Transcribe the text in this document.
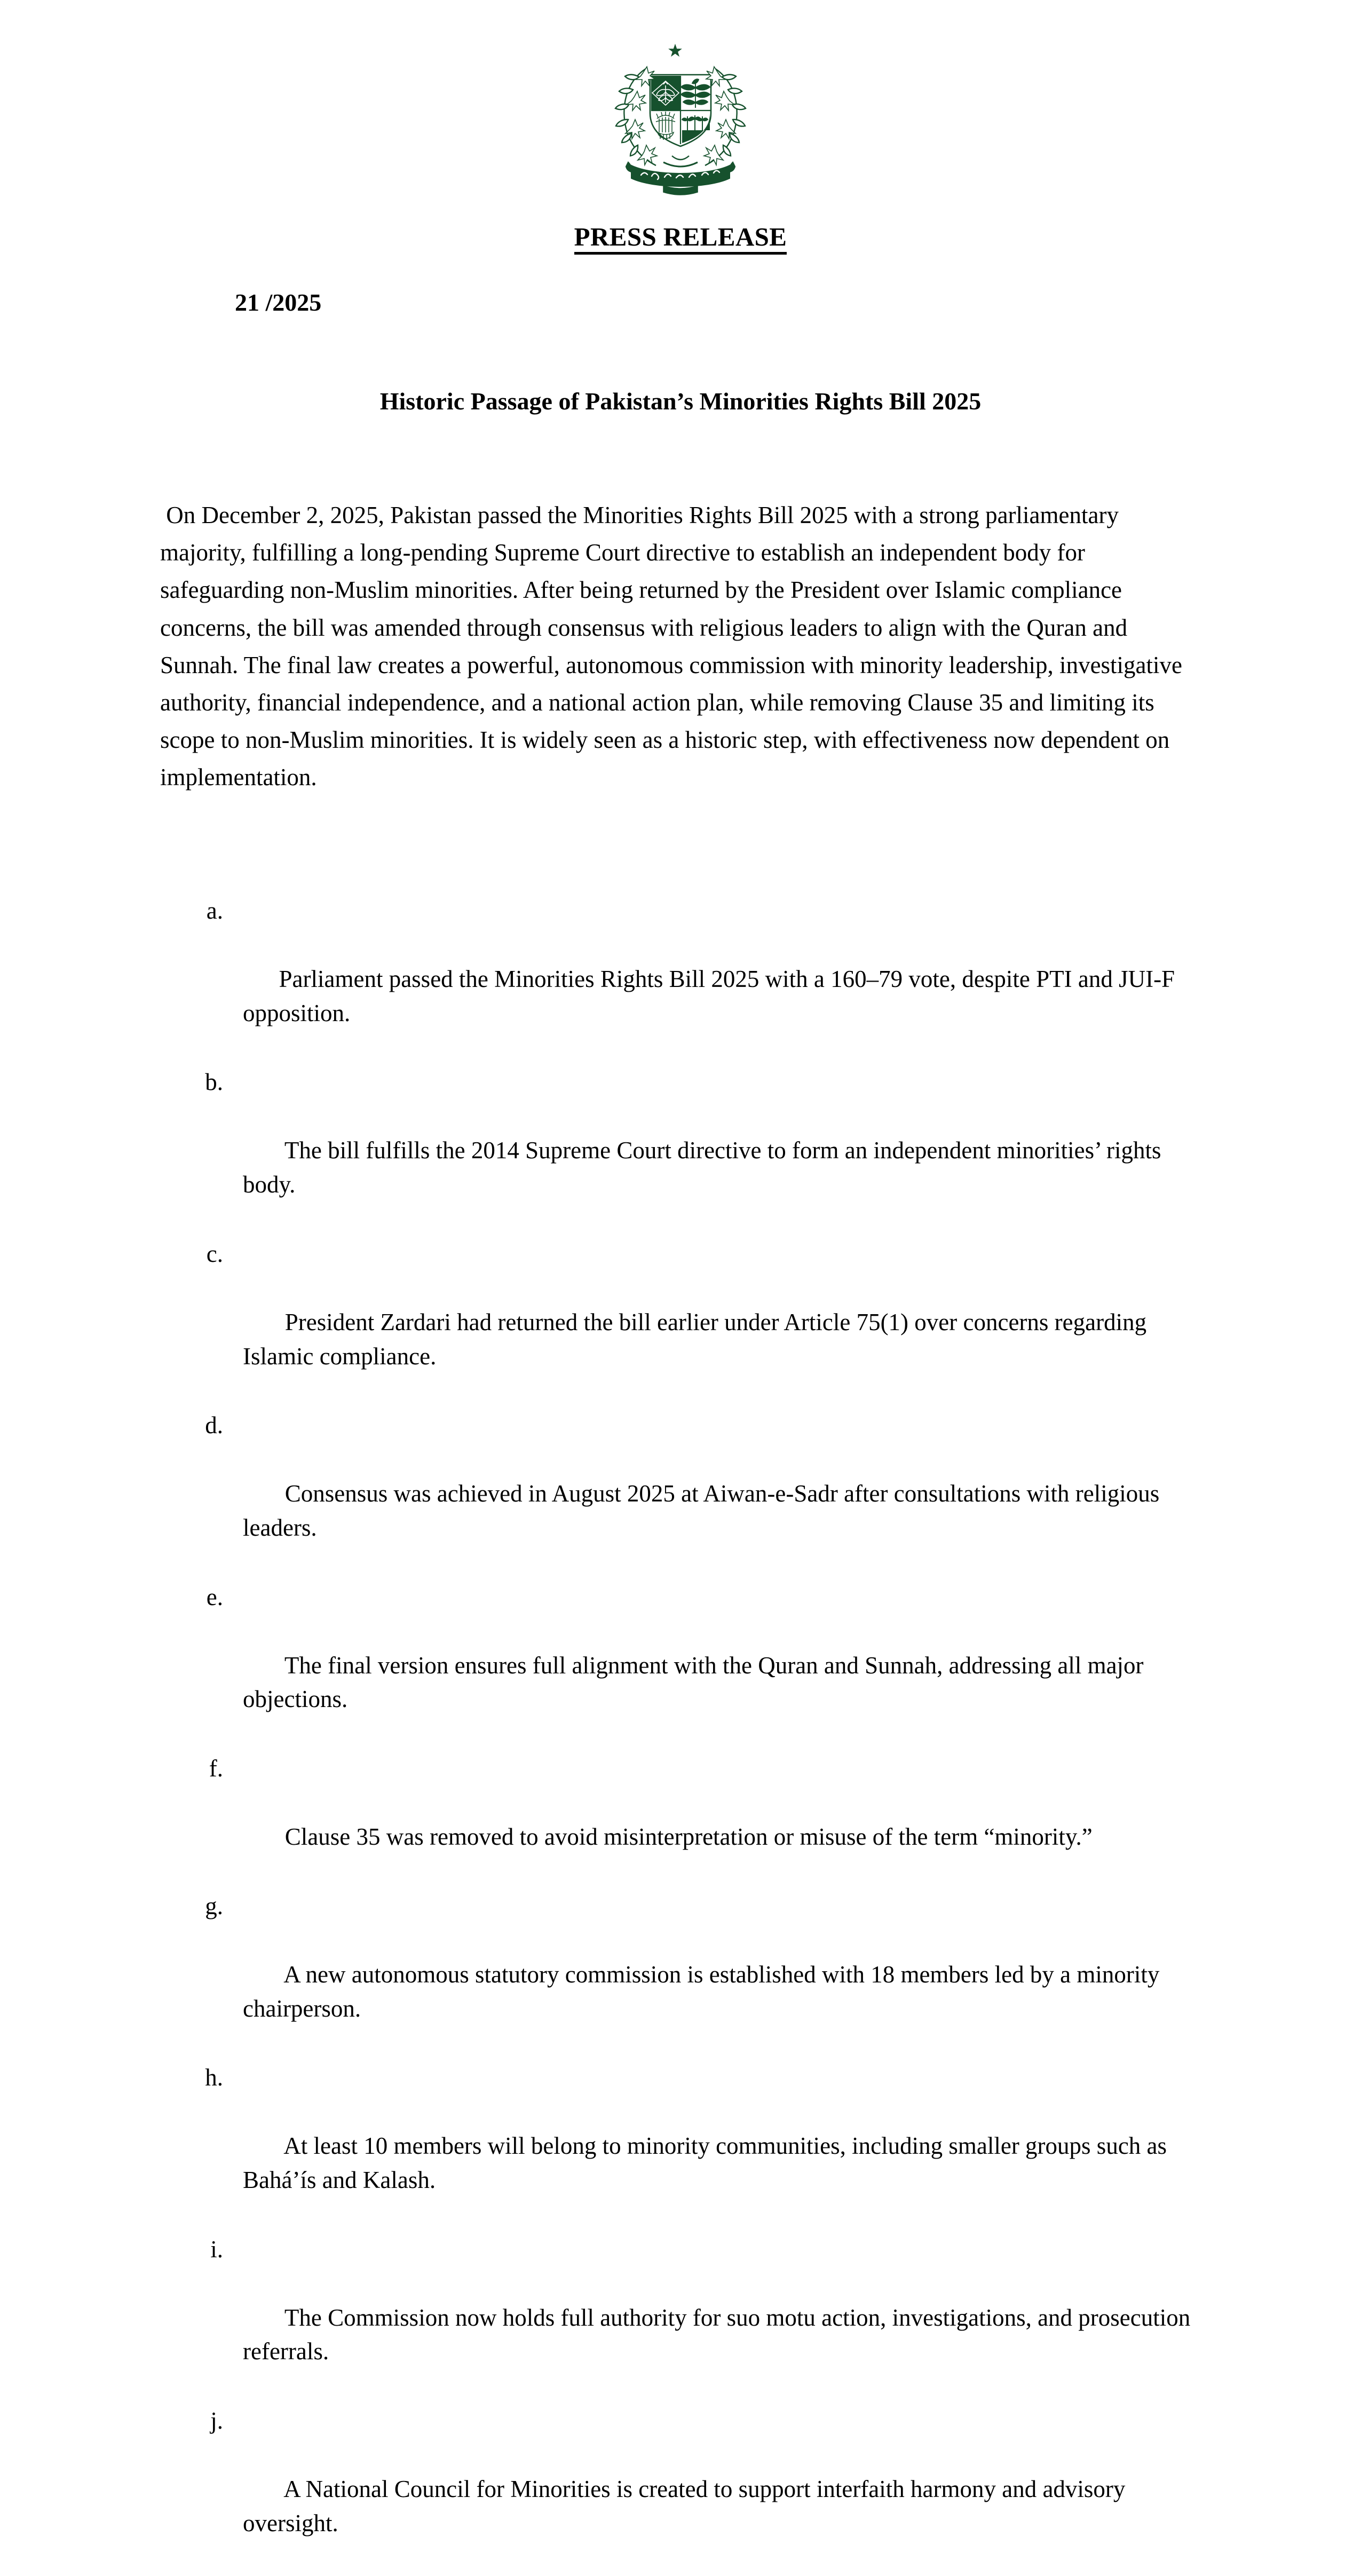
PRESS RELEASE
21 /2025
Historic Passage of Pakistan’s Minorities Rights Bill 2025

On December 2, 2025, Pakistan passed the Minorities Rights Bill 2025 with a strong parliamentary majority, fulfilling a long-pending Supreme Court directive to establish an independent body for safeguarding non-Muslim minorities. After being returned by the President over Islamic compliance concerns, the bill was amended through consensus with religious leaders to align with the Quran and Sunnah. The final law creates a powerful, autonomous commission with minority leadership, investigative authority, financial independence, and a national action plan, while removing Clause 35 and limiting its scope to non-Muslim minorities. It is widely seen as a historic step, with effectiveness now dependent on implementation.

a.

Parliament passed the Minorities Rights Bill 2025 with a 160–79 vote, despite PTI and JUI-F opposition.

b.

The bill fulfills the 2014 Supreme Court directive to form an independent minorities’ rights body.

c.

President Zardari had returned the bill earlier under Article 75(1) over concerns regarding Islamic compliance.

d.

Consensus was achieved in August 2025 at Aiwan-e-Sadr after consultations with religious leaders.

e.

The final version ensures full alignment with the Quran and Sunnah, addressing all major objections.

f.

Clause 35 was removed to avoid misinterpretation or misuse of the term “minority.”

g.

A new autonomous statutory commission is established with 18 members led by a minority chairperson.

h.

At least 10 members will belong to minority communities, including smaller groups such as Bahá’ís and Kalash.

i.

The Commission now holds full authority for suo motu action, investigations, and prosecution referrals.

j.

A National Council for Minorities is created to support interfaith harmony and advisory oversight.
